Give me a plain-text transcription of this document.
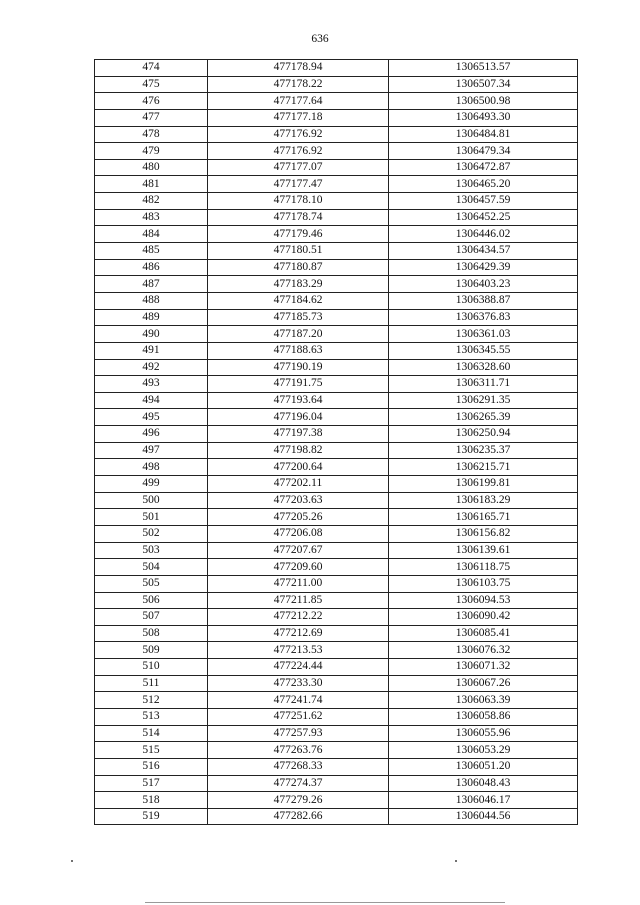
636
474	477178.94	1306513.57
475	477178.22	1306507.34
476	477177.64	1306500.98
477	477177.18	1306493.30
478	477176.92	1306484.81
479	477176.92	1306479.34
480	477177.07	1306472.87
481	477177.47	1306465.20
482	477178.10	1306457.59
483	477178.74	1306452.25
484	477179.46	1306446.02
485	477180.51	1306434.57
486	477180.87	1306429.39
487	477183.29	1306403.23
488	477184.62	1306388.87
489	477185.73	1306376.83
490	477187.20	1306361.03
491	477188.63	1306345.55
492	477190.19	1306328.60
493	477191.75	1306311.71
494	477193.64	1306291.35
495	477196.04	1306265.39
496	477197.38	1306250.94
497	477198.82	1306235.37
498	477200.64	1306215.71
499	477202.11	1306199.81
500	477203.63	1306183.29
501	477205.26	1306165.71
502	477206.08	1306156.82
503	477207.67	1306139.61
504	477209.60	1306118.75
505	477211.00	1306103.75
506	477211.85	1306094.53
507	477212.22	1306090.42
508	477212.69	1306085.41
509	477213.53	1306076.32
510	477224.44	1306071.32
511	477233.30	1306067.26
512	477241.74	1306063.39
513	477251.62	1306058.86
514	477257.93	1306055.96
515	477263.76	1306053.29
516	477268.33	1306051.20
517	477274.37	1306048.43
518	477279.26	1306046.17
519	477282.66	1306044.56
